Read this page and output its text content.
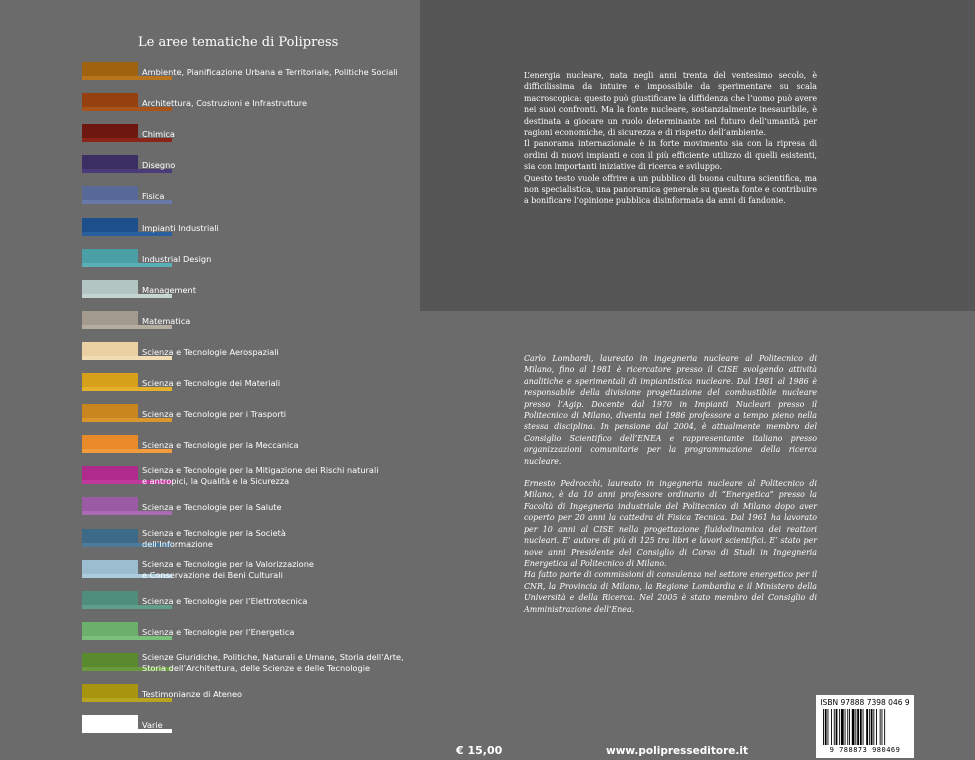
Le aree tematiche di Polipress
Ambiente, Pianificazione Urbana e Territoriale, Politiche Sociali
Architettura, Costruzioni e Infrastrutture
Chimica
Disegno
Fisica
Impianti Industriali
Industrial Design
Management
Matematica
Scienza e Tecnologie Aerospaziali
Scienza e Tecnologie dei Materiali
Scienza e Tecnologie per i Trasporti
Scienza e Tecnologie per la Meccanica
Scienza e Tecnologie per la Mitigazione dei Rischi naturali
e antropici, la Qualità e la Sicurezza
Scienza e Tecnologie per la Salute
Scienza e Tecnologie per la Società
dell’Informazione
Scienza e Tecnologie per la Valorizzazione
e Conservazione dei Beni Culturali
Scienza e Tecnologie per l’Elettrotecnica
Scienza e Tecnologie per l’Energetica
Scienze Giuridiche, Politiche, Naturali e Umane, Storia dell’Arte,
Storia dell’Architettura, delle Scienze e delle Tecnologie
Testimonianze di Ateneo
Varie

L’energia nucleare, nata negli anni trenta del ventesimo secolo, è difficilissima da intuire e impossibile da sperimentare su scala macroscopica: questo può giustificare la diffidenza che l’uomo può avere nei suoi confronti. Ma la fonte nucleare, sostanzialmente inesauribile, è destinata a giocare un ruolo determinante nel futuro dell’umanità per ragioni economiche, di sicurezza e di rispetto dell’ambiente.

Il panorama internazionale è in forte movimento sia con la ripresa di ordini di nuovi impianti e con il più efficiente utilizzo di quelli esistenti, sia con importanti iniziative di ricerca e sviluppo.

Questo testo vuole offrire a un pubblico di buona cultura scientifica, ma non specialistica, una panoramica generale su questa fonte e contribuire a bonificare l’opinione pubblica disinformata da anni di fandonie.

Carlo Lombardi, laureato in ingegneria nucleare al Politecnico di Milano, fino al 1981 è ricercatore presso il CISE svolgendo attività analitiche e sperimentali di impiantistica nucleare. Dal 1981 al 1986 è responsabile della divisione progettazione del combustibile nucleare presso l’Agip. Docente dal 1970 in Impianti Nucleari presso il Politecnico di Milano, diventa nel 1986 professore a tempo pieno nella stessa disciplina. In pensione dal 2004, è attualmente membro del Consiglio Scientifico dell’ENEA e rappresentante italiano presso organizzazioni comunitarie per la programmazione della ricerca nucleare.

Ernesto Pedrocchi, laureato in ingegneria nucleare al Politecnico di Milano, è da 10 anni professore ordinario di “Energetica” presso la Facoltà di Ingegneria industriale del Politecnico di Milano dopo aver coperto per 20 anni la cattedra di Fisica Tecnica. Dal 1961 ha lavorato per 10 anni al CISE nella progettazione fluidodinamica dei reattori nucleari. E’ autore di più di 125 tra libri e lavori scientifici. E’ stato per nove anni Presidente del Consiglio di Corso di Studi in Ingegneria Energetica al Politecnico di Milano.

Ha fatto parte di commissioni di consulenza nel settore energetico per il CNR, la Provincia di Milano, la Regione Lombardia e il Ministero della Università e della Ricerca. Nel 2005 è stato membro del Consiglio di Amministrazione dell’Enea.

€ 15,00	www.polipresseditore.it
ISBN 97888 7398 046 9
9 788873 980469
